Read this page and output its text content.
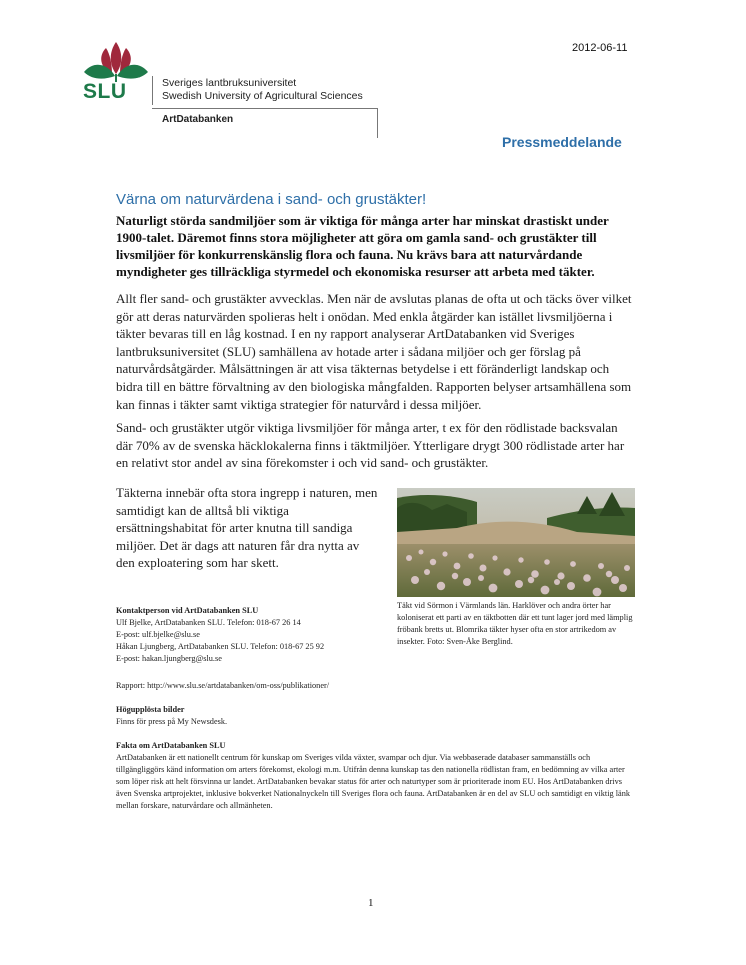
2012-06-11
SLU	Sveriges lantbruksuniversitet
Swedish University of Agricultural Sciences
ArtDatabanken
Pressmeddelande
Värna om naturvärdena i sand- och grustäkter!
Naturligt störda sandmiljöer som är viktiga för många arter har minskat drastiskt under 1900-talet. Däremot finns stora möjligheter att göra om gamla sand- och grustäkter till livsmiljöer för konkurrenskänslig flora och fauna. Nu krävs bara att naturvårdande myndigheter ges tillräckliga styrmedel och ekonomiska resurser att arbeta med täkter.
Allt fler sand- och grustäkter avvecklas. Men när de avslutas planas de ofta ut och täcks över vilket gör att deras naturvärden spolieras helt i onödan. Med enkla åtgärder kan istället livsmiljöerna i täkter bevaras till en låg kostnad. I en ny rapport analyserar ArtDatabanken vid Sveriges lantbruksuniversitet (SLU) samhällena av hotade arter i sådana miljöer och ger förslag på naturvårdsåtgärder. Målsättningen är att visa täkternas betydelse i ett föränderligt landskap och bidra till en bättre förvaltning av den biologiska mångfalden. Rapporten belyser artsamhällena som kan finnas i täkter samt viktiga strategier för naturvård i dessa miljöer.
Sand- och grustäkter utgör viktiga livsmiljöer för många arter, t ex för den rödlistade backsvalan där 70% av de svenska häcklokalerna finns i täktmiljöer. Ytterligare drygt 300 rödlistade arter har en relativt stor andel av sina förekomster i och vid sand- och grustäkter.
Täkterna innebär ofta stora ingrepp i naturen, men samtidigt kan de alltså bli viktiga ersättningshabitat för arter knutna till sandiga miljöer. Det är dags att naturen får dra nytta av den exploatering som har skett.
Täkt vid Sörmon i Värmlands län. Harklöver och andra örter har koloniserat ett parti av en täktbotten där ett tunt lager jord med lämplig fröbank bretts ut. Blomrika täkter hyser ofta en stor artrikedom av insekter. Foto: Sven-Åke Berglind.
Kontaktperson vid ArtDatabanken SLU
Ulf Bjelke, ArtDatabanken SLU. Telefon: 018-67 26 14
E-post: ulf.bjelke@slu.se
Håkan Ljungberg, ArtDatabanken SLU. Telefon: 018-67 25 92
E-post: hakan.ljungberg@slu.se
Rapport: http://www.slu.se/artdatabanken/om-oss/publikationer/
Högupplösta bilder
Finns för press på My Newsdesk.
Fakta om ArtDatabanken SLU
ArtDatabanken är ett nationellt centrum för kunskap om Sveriges vilda växter, svampar och djur. Via webbaserade databaser sammanställs och tillgängliggörs känd information om arters förekomst, ekologi m.m. Utifrån denna kunskap tas den nationella rödlistan fram, en bedömning av vilka arter som löper risk att helt försvinna ur landet. ArtDatabanken bevakar status för arter och naturtyper som är prioriterade inom EU. Hos ArtDatabanken drivs även Svenska artprojektet, inklusive bokverket Nationalnyckeln till Sveriges flora och fauna. ArtDatabanken är en del av SLU och samtidigt en viktig länk mellan forskare, naturvårdare och allmänheten.
1
